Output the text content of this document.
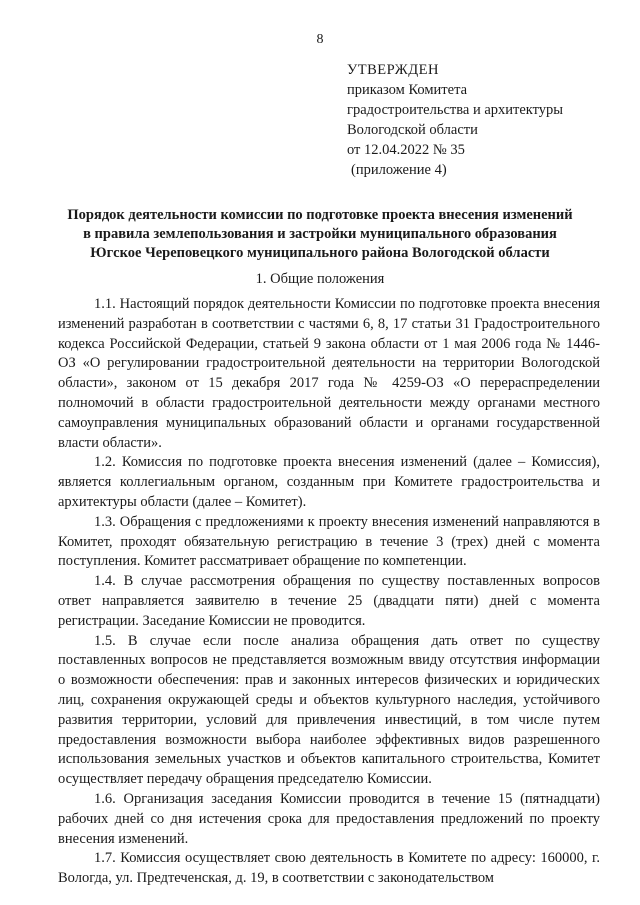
8
УТВЕРЖДЕН
приказом Комитета
градостроительства и архитектуры
Вологодской области
от 12.04.2022 № 35
(приложение 4)
Порядок деятельности комиссии по подготовке проекта внесения изменений
в правила землепользования и застройки муниципального образования
Югское Череповецкого муниципального района Вологодской области
1. Общие положения

1.1. Настоящий порядок деятельности Комиссии по подготовке проекта внесения изменений разработан в соответствии с частями 6, 8, 17 статьи 31 Градостроительного кодекса Российской Федерации, статьей 9 закона области от 1 мая 2006 года № 1446-ОЗ «О регулировании градостроительной деятельности на территории Вологодской области», законом от 15 декабря 2017 года № 4259-ОЗ «О перераспределении полномочий в области градостроительной деятельности между органами местного самоуправления муниципальных образований области и органами государственной власти области».

1.2. Комиссия по подготовке проекта внесения изменений (далее – Комиссия), является коллегиальным органом, созданным при Комитете градостроительства и архитектуры области (далее – Комитет).

1.3. Обращения с предложениями к проекту внесения изменений направляются в Комитет, проходят обязательную регистрацию в течение 3 (трех) дней с момента поступления. Комитет рассматривает обращение по компетенции.

1.4. В случае рассмотрения обращения по существу поставленных вопросов ответ направляется заявителю в течение 25 (двадцати пяти) дней с момента регистрации. Заседание Комиссии не проводится.

1.5. В случае если после анализа обращения дать ответ по существу поставленных вопросов не представляется возможным ввиду отсутствия информации о возможности обеспечения: прав и законных интересов физических и юридических лиц, сохранения окружающей среды и объектов культурного наследия, устойчивого развития территории, условий для привлечения инвестиций, в том числе путем предоставления возможности выбора наиболее эффективных видов разрешенного использования земельных участков и объектов капитального строительства, Комитет осуществляет передачу обращения председателю Комиссии.

1.6. Организация заседания Комиссии проводится в течение 15 (пятнадцати) рабочих дней со дня истечения срока для предоставления предложений по проекту внесения изменений.

1.7. Комиссия осуществляет свою деятельность в Комитете по адресу: 160000, г. Вологда, ул. Предтеченская, д. 19, в соответствии с законодательством
